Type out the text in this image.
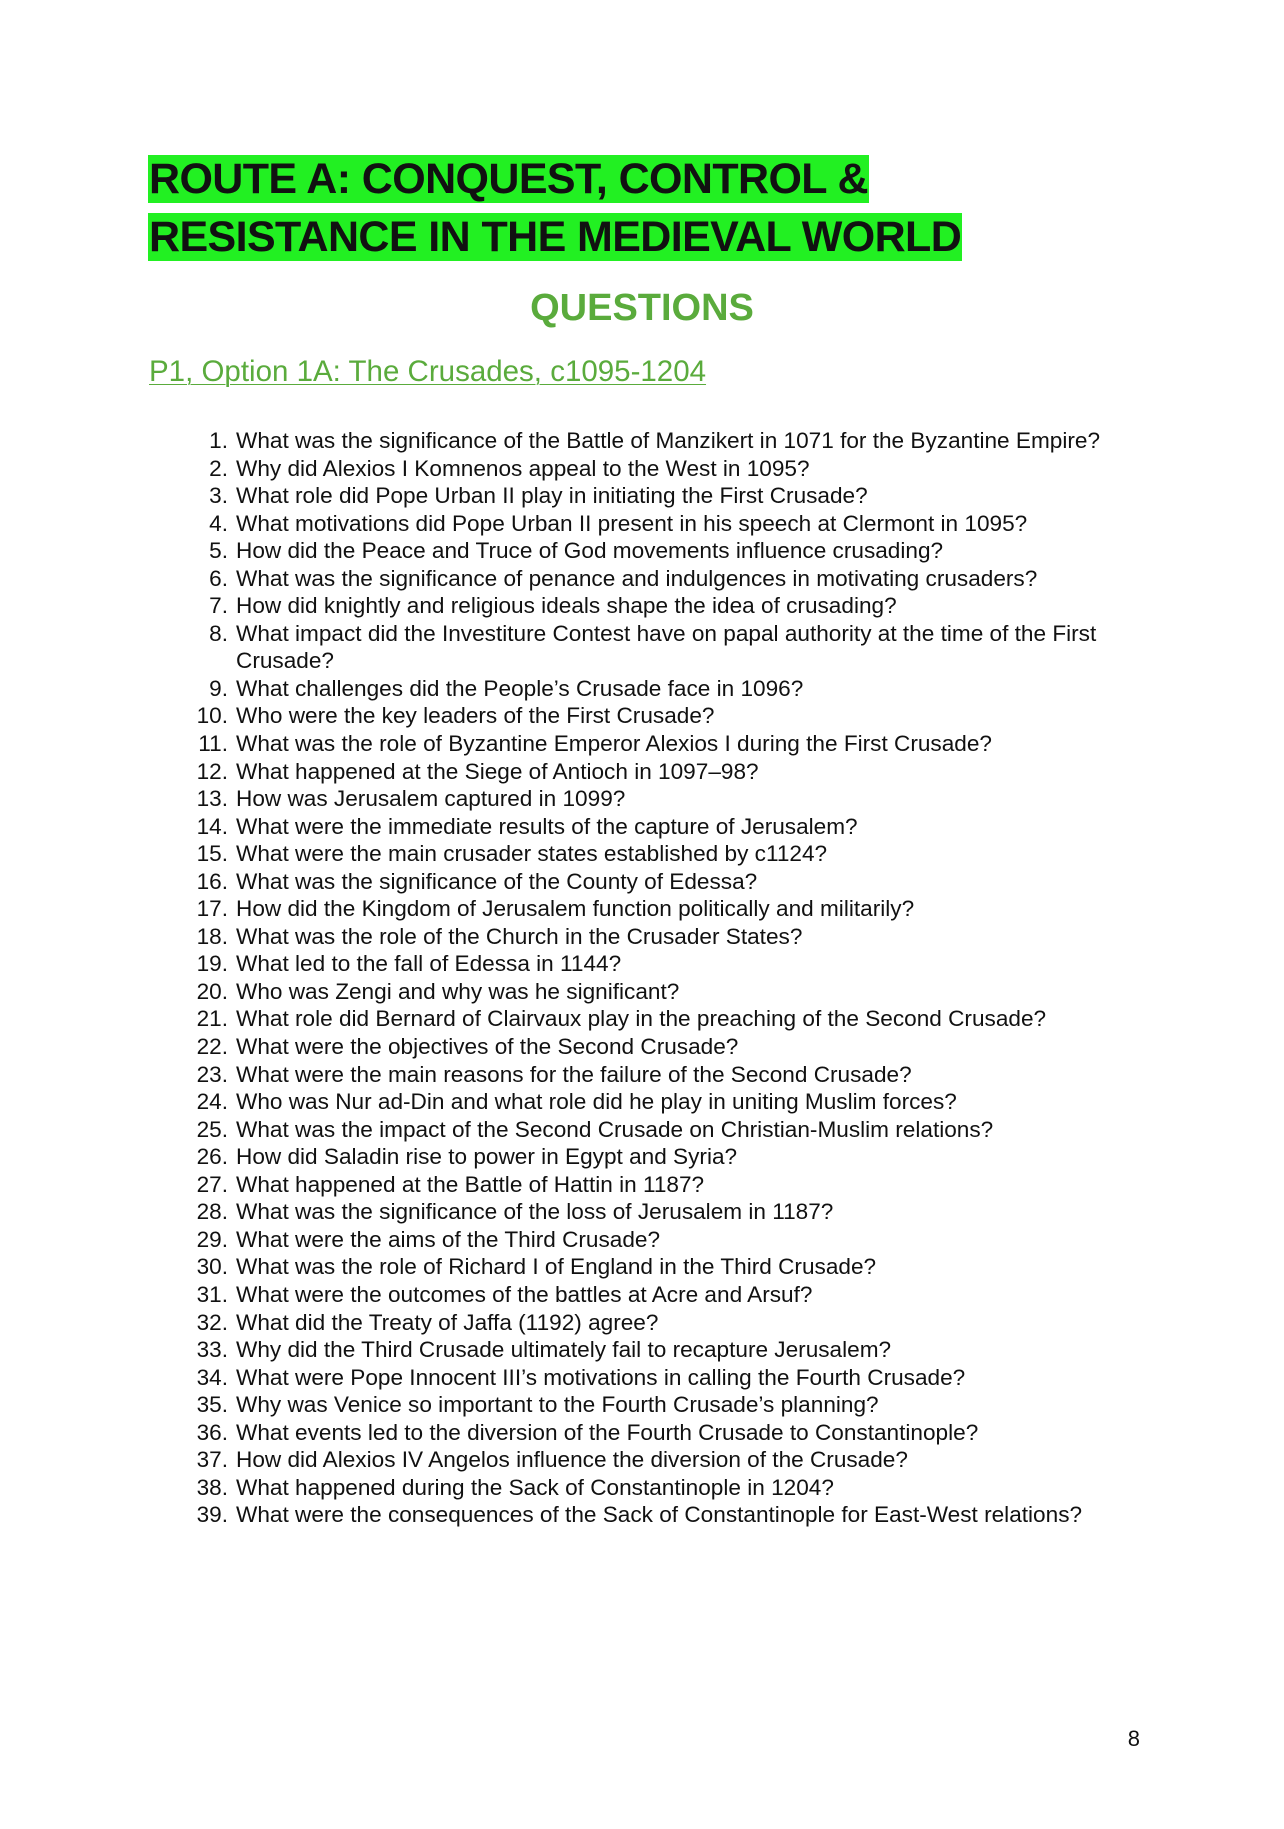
ROUTE A: CONQUEST, CONTROL &
RESISTANCE IN THE MEDIEVAL WORLD
QUESTIONS
P1, Option 1A: The Crusades, c1095-1204
1. What was the significance of the Battle of Manzikert in 1071 for the Byzantine Empire?
2. Why did Alexios I Komnenos appeal to the West in 1095?
3. What role did Pope Urban II play in initiating the First Crusade?
4. What motivations did Pope Urban II present in his speech at Clermont in 1095?
5. How did the Peace and Truce of God movements influence crusading?
6. What was the significance of penance and indulgences in motivating crusaders?
7. How did knightly and religious ideals shape the idea of crusading?
8. What impact did the Investiture Contest have on papal authority at the time of the First Crusade?
9. What challenges did the People’s Crusade face in 1096?
10. Who were the key leaders of the First Crusade?
11. What was the role of Byzantine Emperor Alexios I during the First Crusade?
12. What happened at the Siege of Antioch in 1097–98?
13. How was Jerusalem captured in 1099?
14. What were the immediate results of the capture of Jerusalem?
15. What were the main crusader states established by c1124?
16. What was the significance of the County of Edessa?
17. How did the Kingdom of Jerusalem function politically and militarily?
18. What was the role of the Church in the Crusader States?
19. What led to the fall of Edessa in 1144?
20. Who was Zengi and why was he significant?
21. What role did Bernard of Clairvaux play in the preaching of the Second Crusade?
22. What were the objectives of the Second Crusade?
23. What were the main reasons for the failure of the Second Crusade?
24. Who was Nur ad-Din and what role did he play in uniting Muslim forces?
25. What was the impact of the Second Crusade on Christian-Muslim relations?
26. How did Saladin rise to power in Egypt and Syria?
27. What happened at the Battle of Hattin in 1187?
28. What was the significance of the loss of Jerusalem in 1187?
29. What were the aims of the Third Crusade?
30. What was the role of Richard I of England in the Third Crusade?
31. What were the outcomes of the battles at Acre and Arsuf?
32. What did the Treaty of Jaffa (1192) agree?
33. Why did the Third Crusade ultimately fail to recapture Jerusalem?
34. What were Pope Innocent III’s motivations in calling the Fourth Crusade?
35. Why was Venice so important to the Fourth Crusade’s planning?
36. What events led to the diversion of the Fourth Crusade to Constantinople?
37. How did Alexios IV Angelos influence the diversion of the Crusade?
38. What happened during the Sack of Constantinople in 1204?
39. What were the consequences of the Sack of Constantinople for East-West relations?
8
